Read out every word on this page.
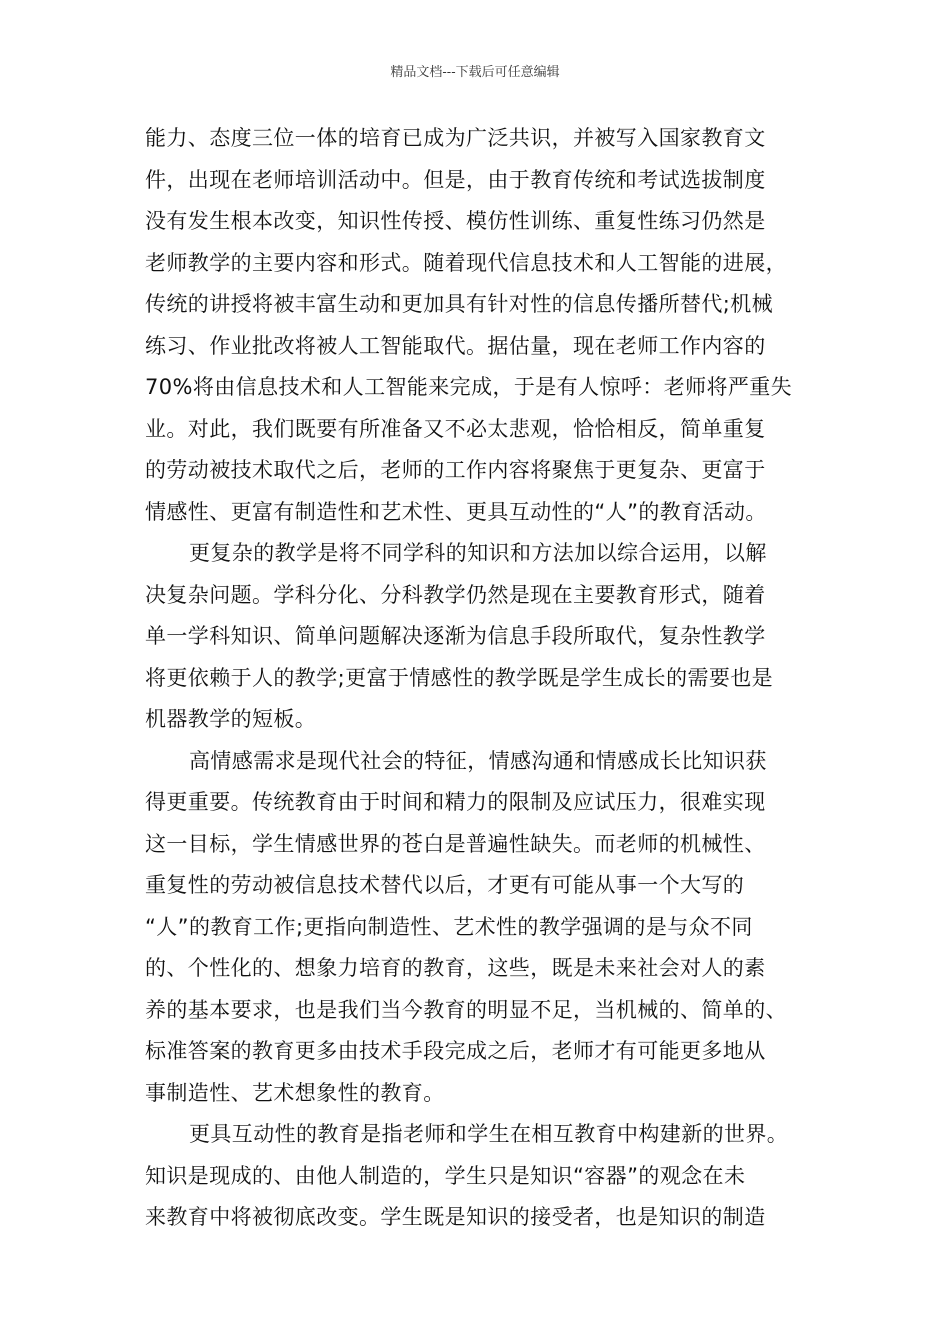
精品文档---下载后可任意编辑
能力、态度三位一体的培育已成为广泛共识，并被写入国家教育文
件，出现在老师培训活动中。但是，由于教育传统和考试选拔制度
没有发生根本改变，知识性传授、模仿性训练、重复性练习仍然是
老师教学的主要内容和形式。随着现代信息技术和人工智能的进展，
传统的讲授将被丰富生动和更加具有针对性的信息传播所替代;机械
练习、作业批改将被人工智能取代。据估量，现在老师工作内容的
70%将由信息技术和人工智能来完成，于是有人惊呼：老师将严重失
业。对此，我们既要有所准备又不必太悲观，恰恰相反，简单重复
的劳动被技术取代之后，老师的工作内容将聚焦于更复杂、更富于
情感性、更富有制造性和艺术性、更具互动性的“人”的教育活动。
更复杂的教学是将不同学科的知识和方法加以综合运用，以解
决复杂问题。学科分化、分科教学仍然是现在主要教育形式，随着
单一学科知识、简单问题解决逐渐为信息手段所取代，复杂性教学
将更依赖于人的教学;更富于情感性的教学既是学生成长的需要也是
机器教学的短板。
高情感需求是现代社会的特征，情感沟通和情感成长比知识获
得更重要。传统教育由于时间和精力的限制及应试压力，很难实现
这一目标，学生情感世界的苍白是普遍性缺失。而老师的机械性、
重复性的劳动被信息技术替代以后，才更有可能从事一个大写的
“人”的教育工作;更指向制造性、艺术性的教学强调的是与众不同
的、个性化的、想象力培育的教育，这些，既是未来社会对人的素
养的基本要求，也是我们当今教育的明显不足，当机械的、简单的、
标准答案的教育更多由技术手段完成之后，老师才有可能更多地从
事制造性、艺术想象性的教育。
更具互动性的教育是指老师和学生在相互教育中构建新的世界。
知识是现成的、由他人制造的，学生只是知识“容器”的观念在未
来教育中将被彻底改变。学生既是知识的接受者，也是知识的制造
